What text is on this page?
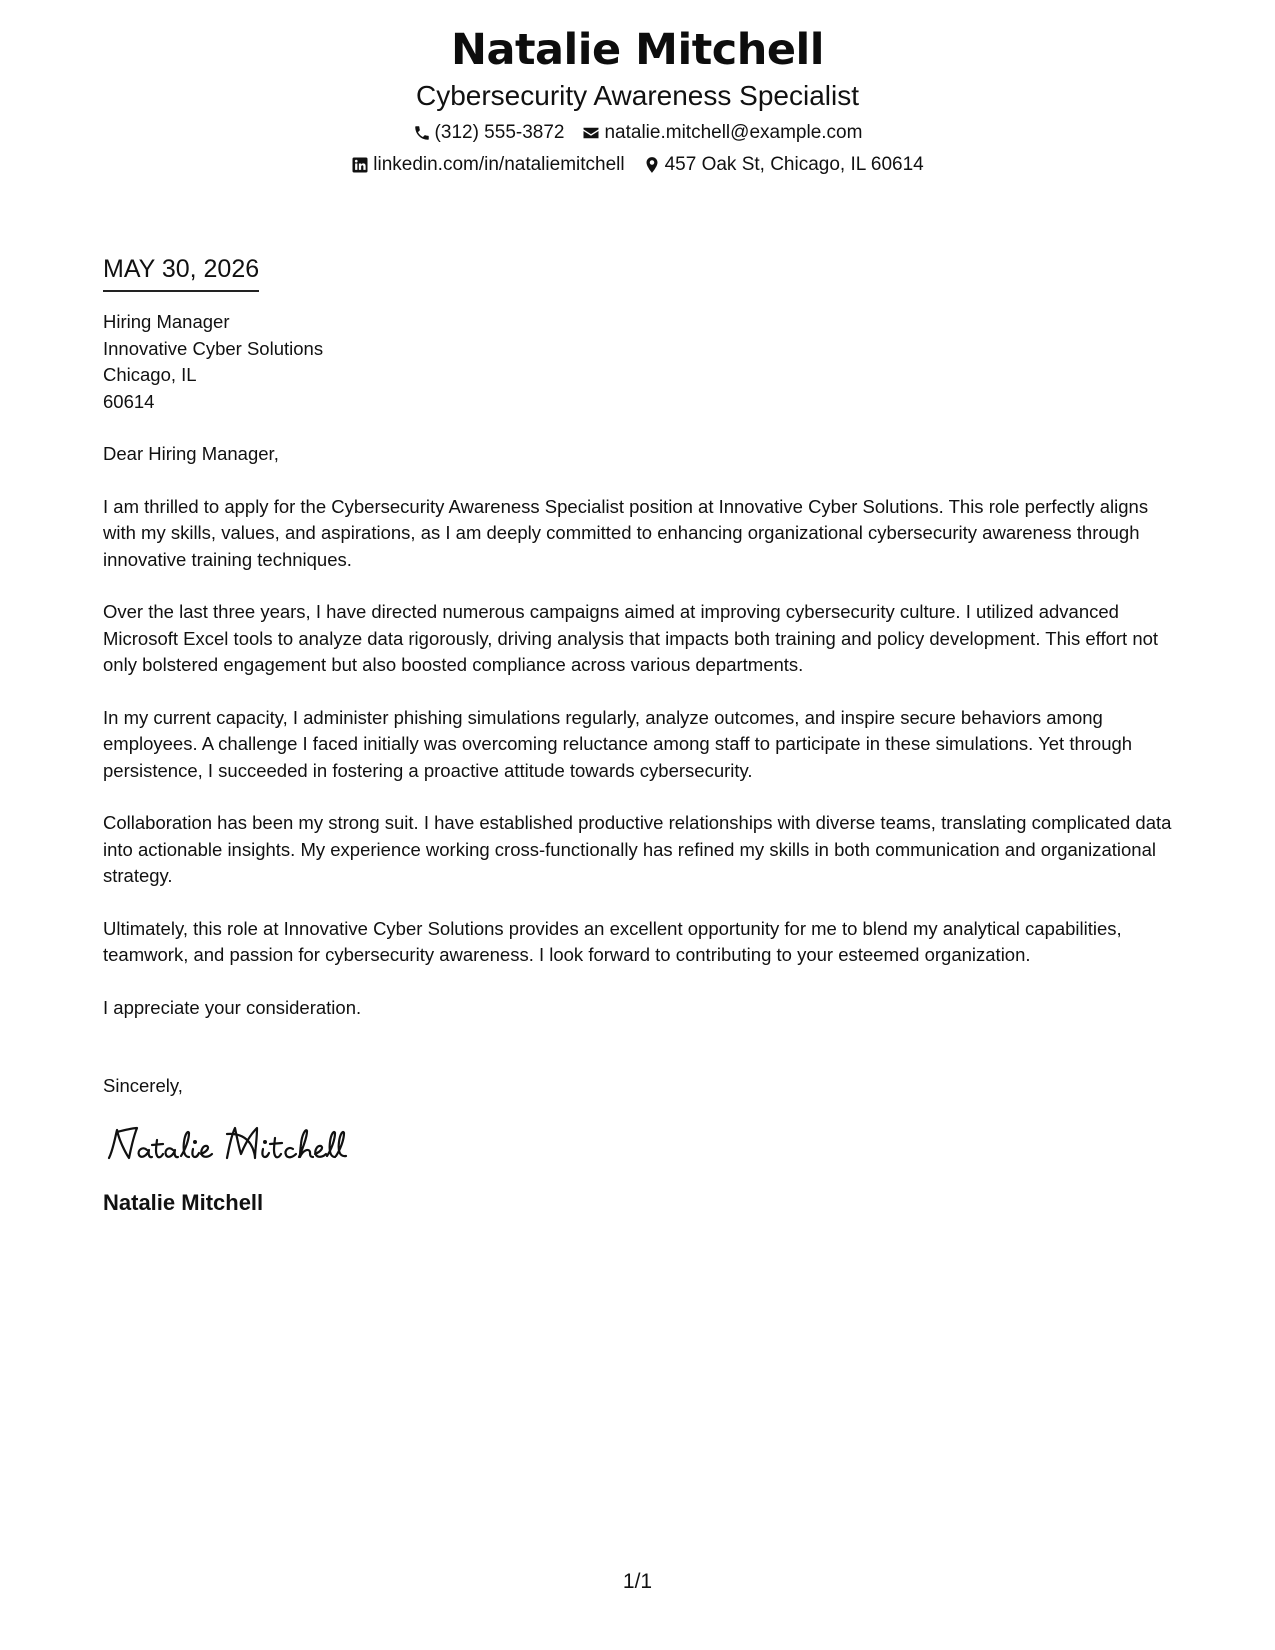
Natalie Mitchell
Cybersecurity Awareness Specialist
(312) 555-3872 natalie.mitchell@example.com
linkedin.com/in/nataliemitchell 457 Oak St, Chicago, IL 60614
MAY 30, 2026
Hiring Manager
Innovative Cyber Solutions
Chicago, IL
60614

Dear Hiring Manager,

I am thrilled to apply for the Cybersecurity Awareness Specialist position at Innovative Cyber Solutions. This role perfectly aligns with my skills, values, and aspirations, as I am deeply committed to enhancing organizational cybersecurity awareness through innovative training techniques.

Over the last three years, I have directed numerous campaigns aimed at improving cybersecurity culture. I utilized advanced Microsoft Excel tools to analyze data rigorously, driving analysis that impacts both training and policy development. This effort not only bolstered engagement but also boosted compliance across various departments.

In my current capacity, I administer phishing simulations regularly, analyze outcomes, and inspire secure behaviors among employees. A challenge I faced initially was overcoming reluctance among staff to participate in these simulations. Yet through persistence, I succeeded in fostering a proactive attitude towards cybersecurity.

Collaboration has been my strong suit. I have established productive relationships with diverse teams, translating complicated data into actionable insights. My experience working cross-functionally has refined my skills in both communication and organizational strategy.

Ultimately, this role at Innovative Cyber Solutions provides an excellent opportunity for me to blend my analytical capabilities, teamwork, and passion for cybersecurity awareness. I look forward to contributing to your esteemed organization.

I appreciate your consideration.

Sincerely,

Natalie Mitchell
1/1
